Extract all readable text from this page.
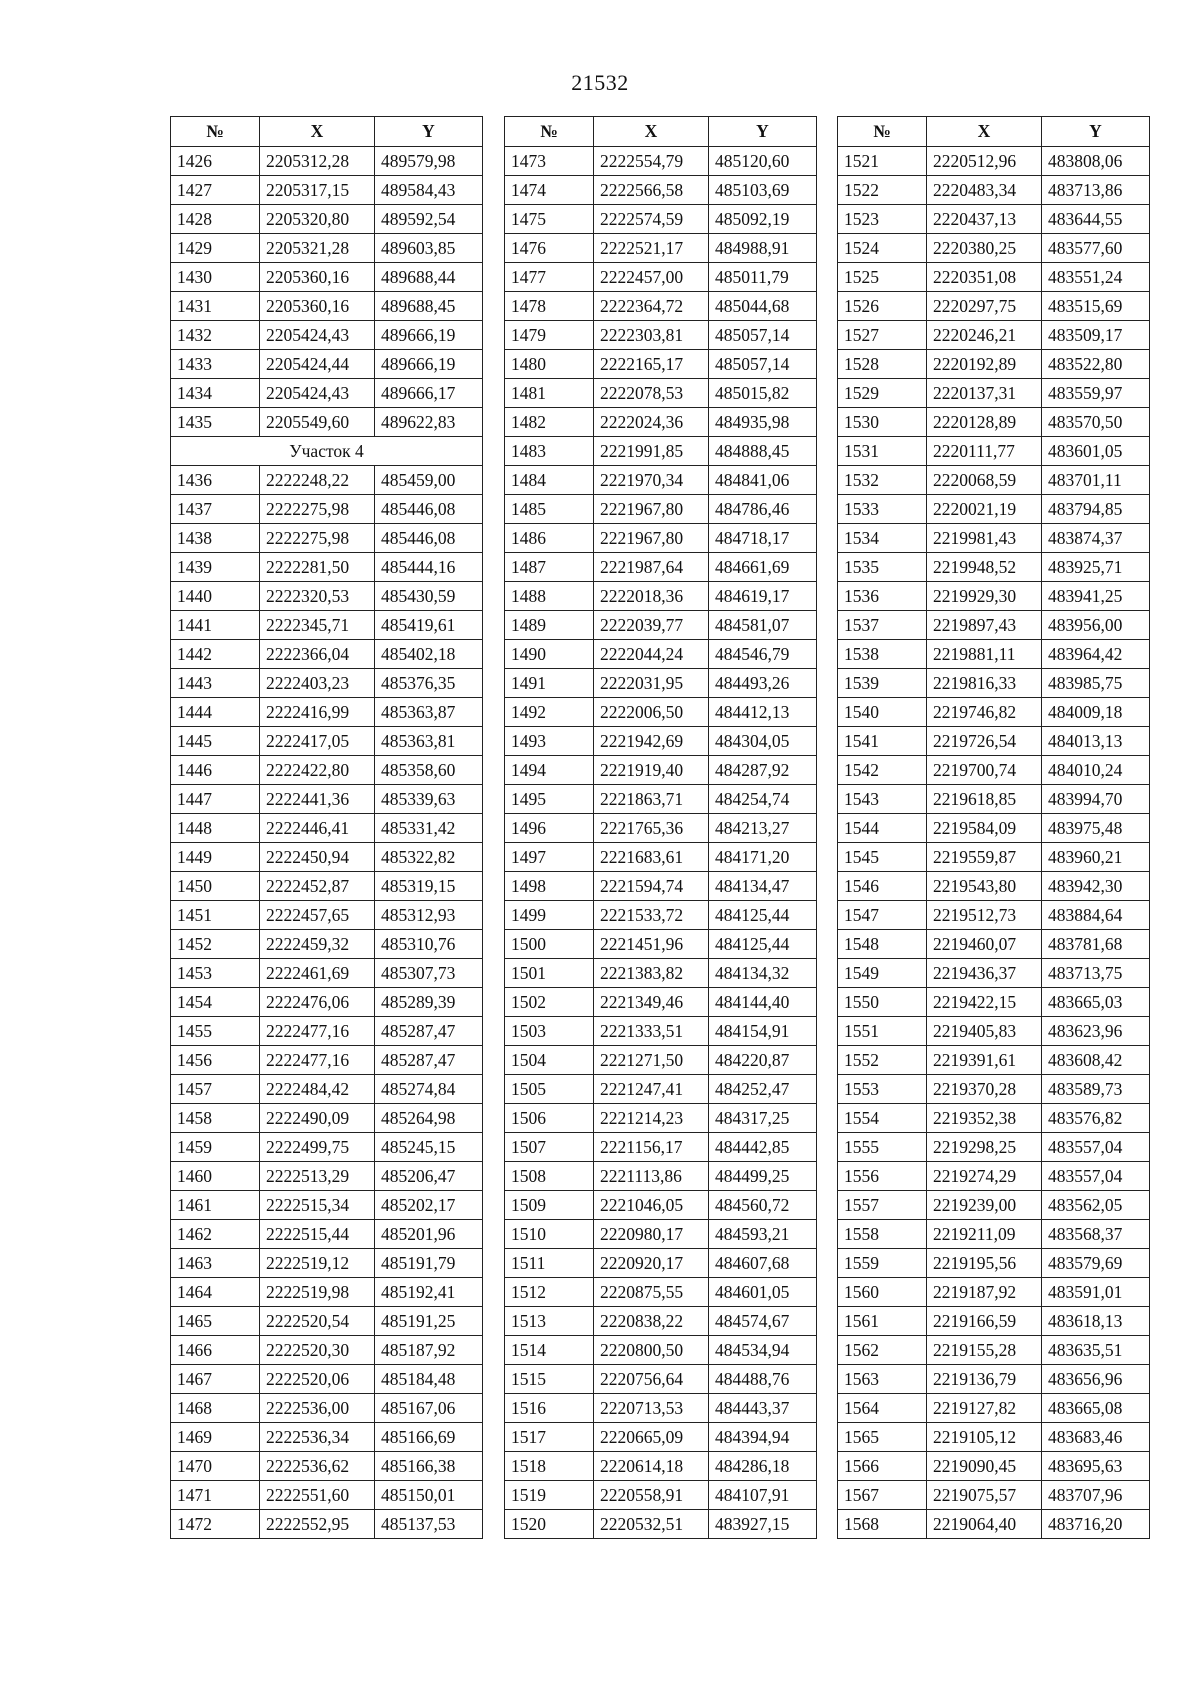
21532
№	X	Y
1426	2205312,28	489579,98
1427	2205317,15	489584,43
1428	2205320,80	489592,54
1429	2205321,28	489603,85
1430	2205360,16	489688,44
1431	2205360,16	489688,45
1432	2205424,43	489666,19
1433	2205424,44	489666,19
1434	2205424,43	489666,17
1435	2205549,60	489622,83
Участок 4		
1436	2222248,22	485459,00
1437	2222275,98	485446,08
1438	2222275,98	485446,08
1439	2222281,50	485444,16
1440	2222320,53	485430,59
1441	2222345,71	485419,61
1442	2222366,04	485402,18
1443	2222403,23	485376,35
1444	2222416,99	485363,87
1445	2222417,05	485363,81
1446	2222422,80	485358,60
1447	2222441,36	485339,63
1448	2222446,41	485331,42
1449	2222450,94	485322,82
1450	2222452,87	485319,15
1451	2222457,65	485312,93
1452	2222459,32	485310,76
1453	2222461,69	485307,73
1454	2222476,06	485289,39
1455	2222477,16	485287,47
1456	2222477,16	485287,47
1457	2222484,42	485274,84
1458	2222490,09	485264,98
1459	2222499,75	485245,15
1460	2222513,29	485206,47
1461	2222515,34	485202,17
1462	2222515,44	485201,96
1463	2222519,12	485191,79
1464	2222519,98	485192,41
1465	2222520,54	485191,25
1466	2222520,30	485187,92
1467	2222520,06	485184,48
1468	2222536,00	485167,06
1469	2222536,34	485166,69
1470	2222536,62	485166,38
1471	2222551,60	485150,01
1472	2222552,95	485137,53
№	X	Y
1473	2222554,79	485120,60
1474	2222566,58	485103,69
1475	2222574,59	485092,19
1476	2222521,17	484988,91
1477	2222457,00	485011,79
1478	2222364,72	485044,68
1479	2222303,81	485057,14
1480	2222165,17	485057,14
1481	2222078,53	485015,82
1482	2222024,36	484935,98
1483	2221991,85	484888,45
1484	2221970,34	484841,06
1485	2221967,80	484786,46
1486	2221967,80	484718,17
1487	2221987,64	484661,69
1488	2222018,36	484619,17
1489	2222039,77	484581,07
1490	2222044,24	484546,79
1491	2222031,95	484493,26
1492	2222006,50	484412,13
1493	2221942,69	484304,05
1494	2221919,40	484287,92
1495	2221863,71	484254,74
1496	2221765,36	484213,27
1497	2221683,61	484171,20
1498	2221594,74	484134,47
1499	2221533,72	484125,44
1500	2221451,96	484125,44
1501	2221383,82	484134,32
1502	2221349,46	484144,40
1503	2221333,51	484154,91
1504	2221271,50	484220,87
1505	2221247,41	484252,47
1506	2221214,23	484317,25
1507	2221156,17	484442,85
1508	2221113,86	484499,25
1509	2221046,05	484560,72
1510	2220980,17	484593,21
1511	2220920,17	484607,68
1512	2220875,55	484601,05
1513	2220838,22	484574,67
1514	2220800,50	484534,94
1515	2220756,64	484488,76
1516	2220713,53	484443,37
1517	2220665,09	484394,94
1518	2220614,18	484286,18
1519	2220558,91	484107,91
1520	2220532,51	483927,15
№	X	Y
1521	2220512,96	483808,06
1522	2220483,34	483713,86
1523	2220437,13	483644,55
1524	2220380,25	483577,60
1525	2220351,08	483551,24
1526	2220297,75	483515,69
1527	2220246,21	483509,17
1528	2220192,89	483522,80
1529	2220137,31	483559,97
1530	2220128,89	483570,50
1531	2220111,77	483601,05
1532	2220068,59	483701,11
1533	2220021,19	483794,85
1534	2219981,43	483874,37
1535	2219948,52	483925,71
1536	2219929,30	483941,25
1537	2219897,43	483956,00
1538	2219881,11	483964,42
1539	2219816,33	483985,75
1540	2219746,82	484009,18
1541	2219726,54	484013,13
1542	2219700,74	484010,24
1543	2219618,85	483994,70
1544	2219584,09	483975,48
1545	2219559,87	483960,21
1546	2219543,80	483942,30
1547	2219512,73	483884,64
1548	2219460,07	483781,68
1549	2219436,37	483713,75
1550	2219422,15	483665,03
1551	2219405,83	483623,96
1552	2219391,61	483608,42
1553	2219370,28	483589,73
1554	2219352,38	483576,82
1555	2219298,25	483557,04
1556	2219274,29	483557,04
1557	2219239,00	483562,05
1558	2219211,09	483568,37
1559	2219195,56	483579,69
1560	2219187,92	483591,01
1561	2219166,59	483618,13
1562	2219155,28	483635,51
1563	2219136,79	483656,96
1564	2219127,82	483665,08
1565	2219105,12	483683,46
1566	2219090,45	483695,63
1567	2219075,57	483707,96
1568	2219064,40	483716,20
